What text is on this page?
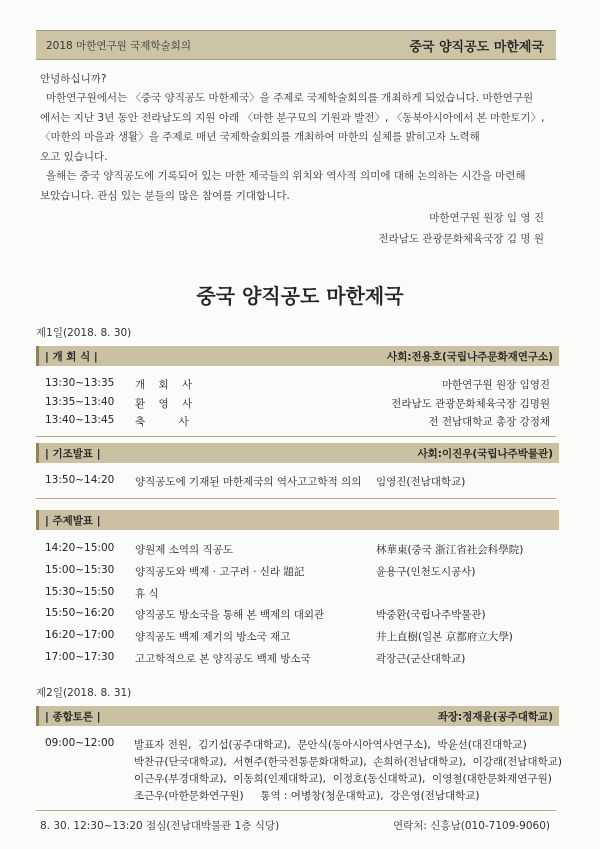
2018 마한연구원 국제학술회의	중국 양직공도 마한제국
안녕하십니까?
마한연구원에서는 〈중국 양직공도 마한제국〉을 주제로 국제학술회의를 개최하게 되었습니다. 마한연구원
에서는 지난 3년 동안 전라남도의 지원 아래 〈마한 분구묘의 기원과 발전〉, 〈동북아시아에서 본 마한토기〉,
〈마한의 마을과 생활〉을 주제로 매년 국제학술회의를 개최하여 마한의 실체를 밝히고자 노력해
오고 있습니다.
올해는 중국 양직공도에 기록되어 있는 마한 제국들의 위치와 역사적 의미에 대해 논의하는 시간을 마련해
보았습니다. 관심 있는 분들의 많은 참여를 기대합니다.
마한연구원 원장 임 영 진
전라남도 관광문화체육국장 김 명 원
중국 양직공도 마한제국
제1일(2018. 8. 30)
| 개 회 식 |	사회:전용호(국립나주문화재연구소)
13:30~13:35 개    회    사	마한연구원 원장 임영진
13:35~13:40 환    영    사	전라남도 관광문화체육국장 김명원
13:40~13:45 축          사	전 전남대학교 총장 강정채
| 기조발표 |	사회:이진우(국립나주박물관)
13:50~14:20 양직공도에 기재된 마한제국의 역사고고학적 의의 임영진(전남대학교)
| 주제발표 |
14:20~15:00 양원제 소역의 직공도	林華東(중국 浙江省社会科學院)
15:00~15:30 양직공도와 백제 · 고구려 · 신라 題記	윤용구(인천도시공사)
15:30~15:50 휴 식
15:50~16:20 양직공도 방소국을 통해 본 백제의 대외관	박중환(국립나주박물관)
16:20~17:00 양직공도 백제 제기의 방소국 재고	井上直樹(일본 京都府立大學)
17:00~17:30 고고학적으로 본 양직공도 백제 방소국	곽장근(군산대학교)
제2일(2018. 8. 31)
| 종합토론 |	좌장:정재윤(공주대학교)
09:00~12:00 발표자 전원,  김기섭(공주대학교),  문안식(동아시아역사연구소),  박윤선(대진대학교)
박찬규(단국대학교),  서현주(한국전통문화대학교),  손희하(전남대학교),  이강래(전남대학교)
이근우(부경대학교),  이동희(인제대학교),  이정호(동신대학교),  이영철(대한문화재연구원)
조근우(마한문화연구원)     통역 : 여병창(청운대학교),  강은영(전남대학교)
8. 30. 12:30~13:20 점심(전남대박물관 1층 식당)	연락처: 신흥남(010-7109-9060)
